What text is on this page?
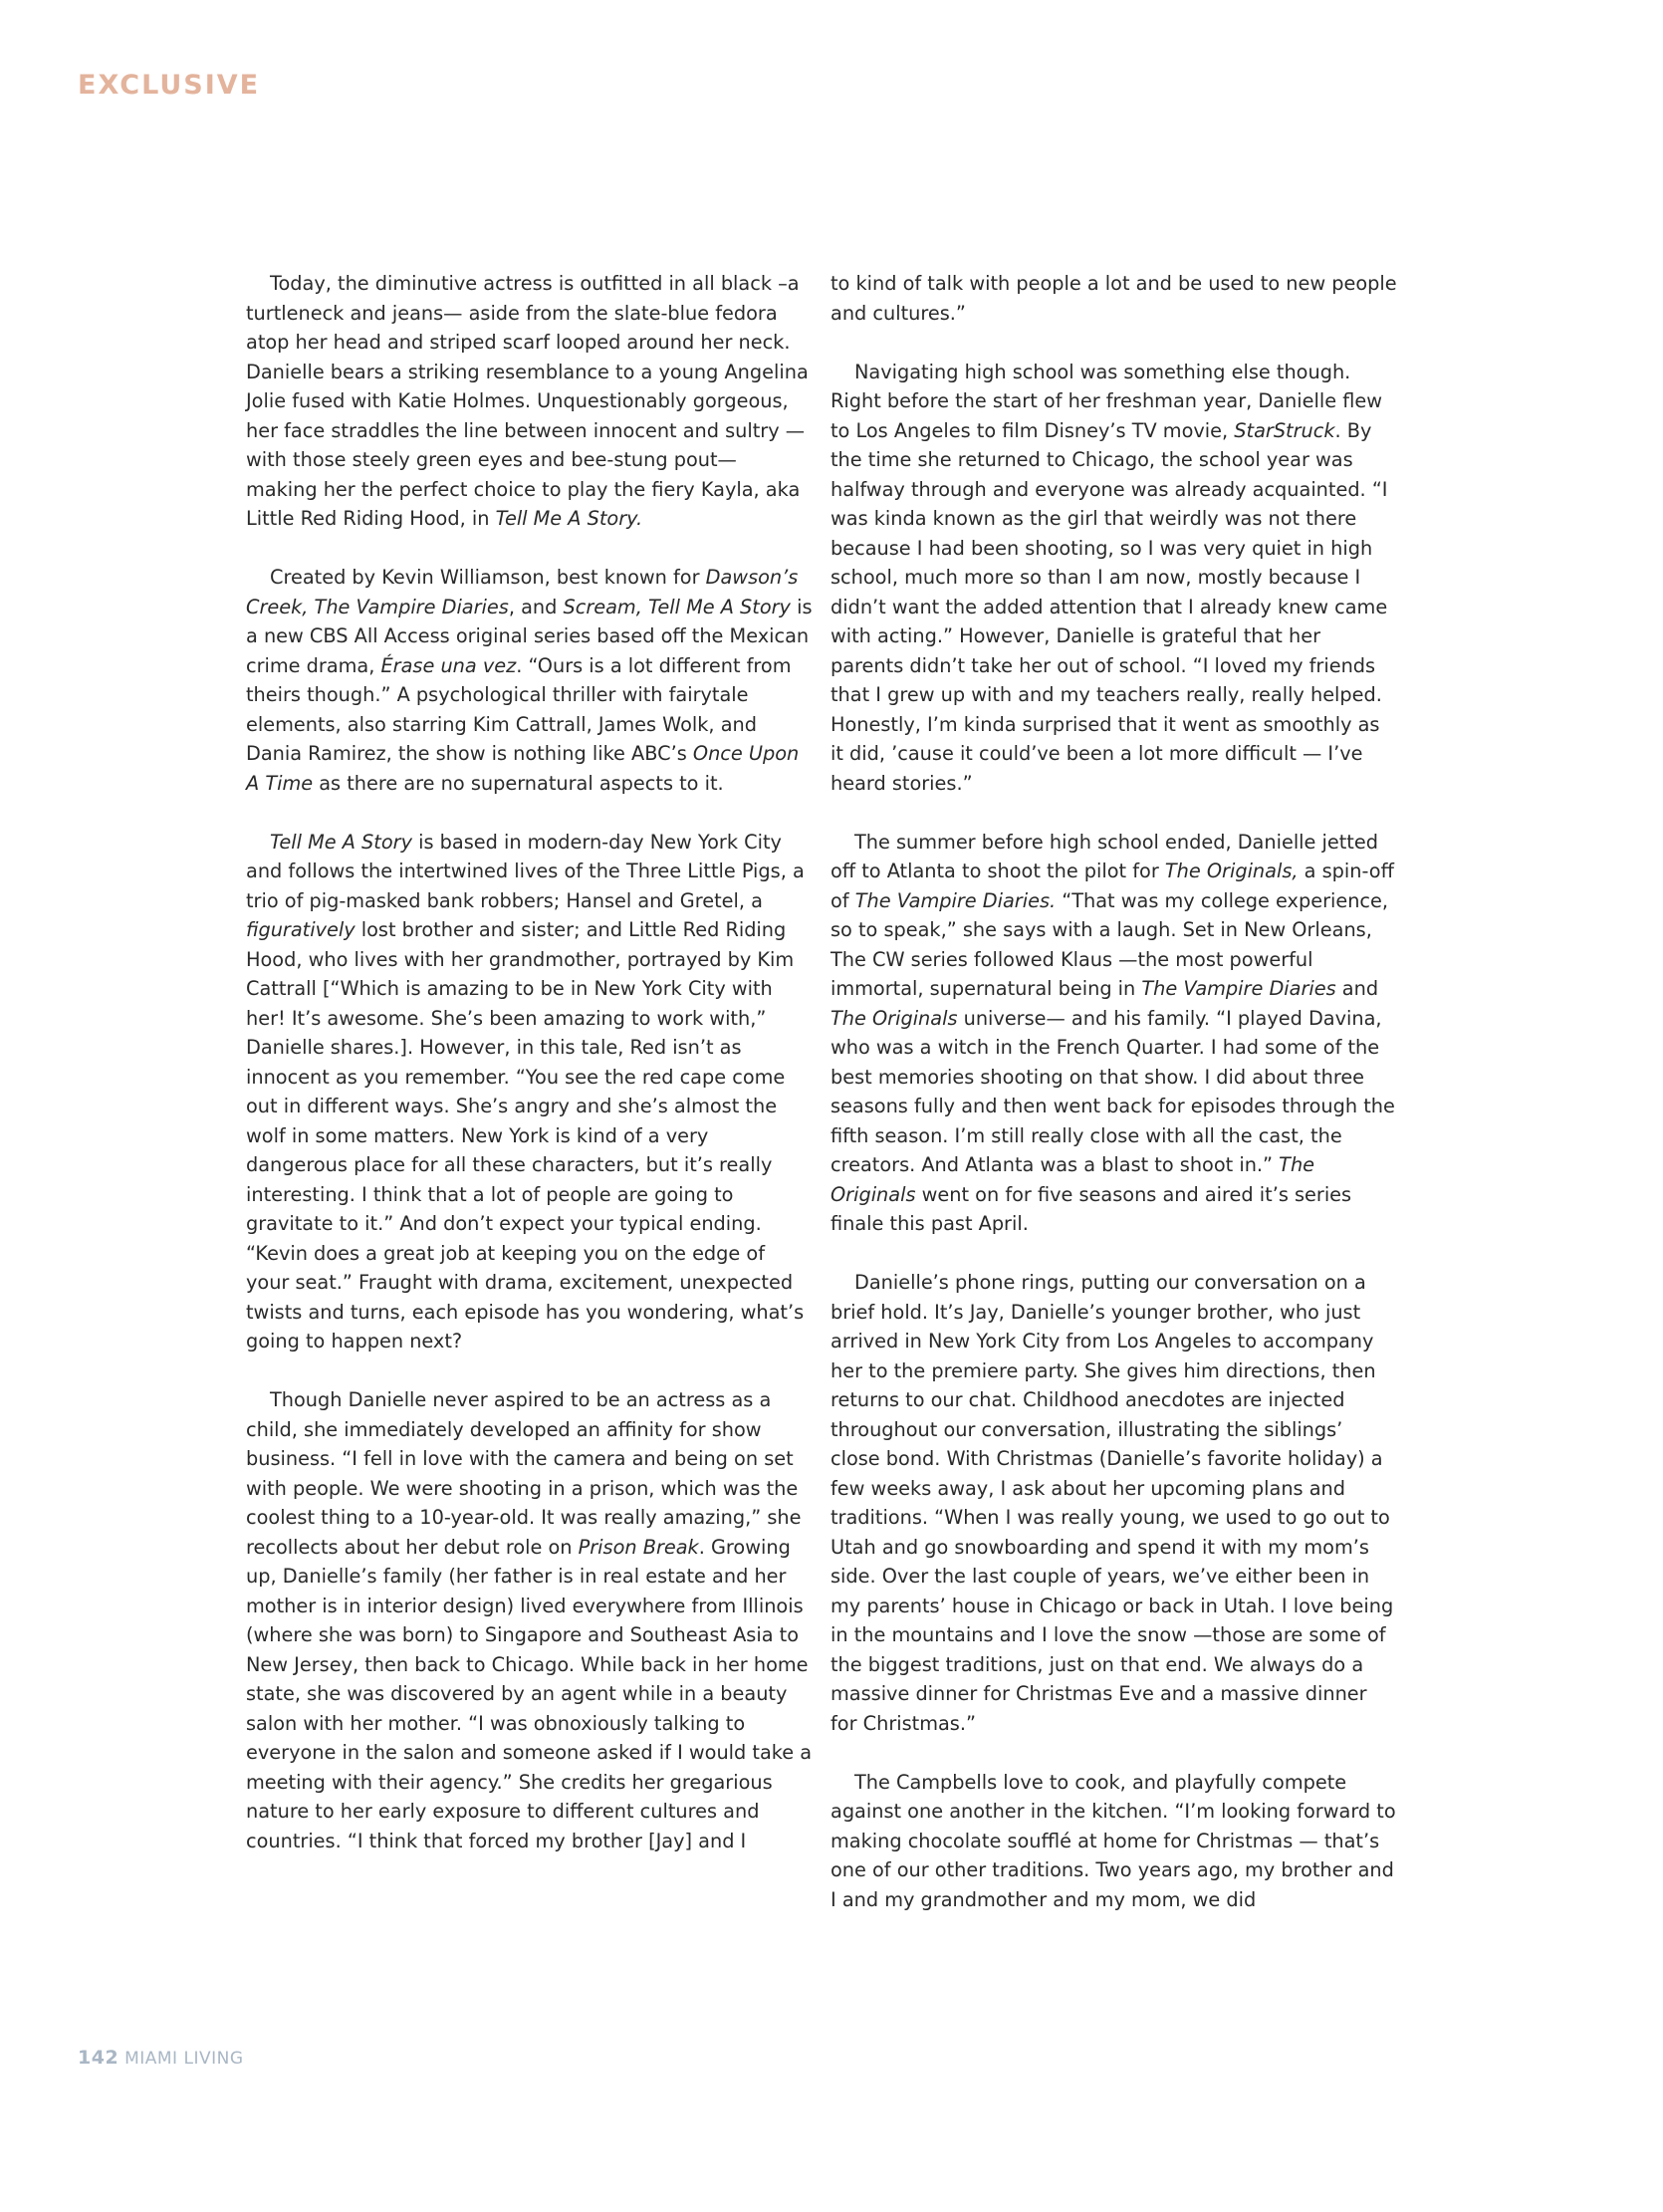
EXCLUSIVE

Today, the diminutive actress is outfitted in all black –a turtleneck and jeans— aside from the slate-blue fedora atop her head and striped scarf looped around her neck. Danielle bears a striking resemblance to a young Angelina Jolie fused with Katie Holmes. Unquestionably gorgeous, her face straddles the line between innocent and sultry —with those steely green eyes and bee-stung pout— making her the perfect choice to play the fiery Kayla, aka Little Red Riding Hood, in Tell Me A Story.

Created by Kevin Williamson, best known for Dawson’s Creek, The Vampire Diaries, and Scream, Tell Me A Story is a new CBS All Access original series based off the Mexican crime drama, Érase una vez. “Ours is a lot different from theirs though.” A psychological thriller with fairytale elements, also starring Kim Cattrall, James Wolk, and Dania Ramirez, the show is nothing like ABC’s Once Upon A Time as there are no supernatural aspects to it.

Tell Me A Story is based in modern-day New York City and follows the intertwined lives of the Three Little Pigs, a trio of pig-masked bank robbers; Hansel and Gretel, a figuratively lost brother and sister; and Little Red Riding Hood, who lives with her grandmother, portrayed by Kim Cattrall [“Which is amazing to be in New York City with her! It’s awesome. She’s been amazing to work with,” Danielle shares.]. However, in this tale, Red isn’t as innocent as you remember. “You see the red cape come out in different ways. She’s angry and she’s almost the wolf in some matters. New York is kind of a very dangerous place for all these characters, but it’s really interesting. I think that a lot of people are going to gravitate to it.” And don’t expect your typical ending. “Kevin does a great job at keeping you on the edge of your seat.” Fraught with drama, excitement, unexpected twists and turns, each episode has you wondering, what’s going to happen next?

Though Danielle never aspired to be an actress as a child, she immediately developed an affinity for show business. “I fell in love with the camera and being on set with people. We were shooting in a prison, which was the coolest thing to a 10-year-old. It was really amazing,” she recollects about her debut role on Prison Break. Growing up, Danielle’s family (her father is in real estate and her mother is in interior design) lived everywhere from Illinois (where she was born) to Singapore and Southeast Asia to New Jersey, then back to Chicago. While back in her home state, she was discovered by an agent while in a beauty salon with her mother. “I was obnoxiously talking to everyone in the salon and someone asked if I would take a meeting with their agency.” She credits her gregarious nature to her early exposure to different cultures and countries. “I think that forced my brother [Jay] and I

to kind of talk with people a lot and be used to new people and cultures.”

Navigating high school was something else though. Right before the start of her freshman year, Danielle flew to Los Angeles to film Disney’s TV movie, StarStruck. By the time she returned to Chicago, the school year was halfway through and everyone was already acquainted. “I was kinda known as the girl that weirdly was not there because I had been shooting, so I was very quiet in high school, much more so than I am now, mostly because I didn’t want the added attention that I already knew came with acting.” However, Danielle is grateful that her parents didn’t take her out of school. “I loved my friends that I grew up with and my teachers really, really helped. Honestly, I’m kinda surprised that it went as smoothly as it did, ’cause it could’ve been a lot more difficult — I’ve heard stories.”

The summer before high school ended, Danielle jetted off to Atlanta to shoot the pilot for The Originals, a spin-off of The Vampire Diaries. “That was my college experience, so to speak,” she says with a laugh. Set in New Orleans, The CW series followed Klaus —the most powerful immortal, supernatural being in The Vampire Diaries and The Originals universe— and his family. “I played Davina, who was a witch in the French Quarter. I had some of the best memories shooting on that show. I did about three seasons fully and then went back for episodes through the fifth season. I’m still really close with all the cast, the creators. And Atlanta was a blast to shoot in.” The Originals went on for five seasons and aired it’s series finale this past April.

Danielle’s phone rings, putting our conversation on a brief hold. It’s Jay, Danielle’s younger brother, who just arrived in New York City from Los Angeles to accompany her to the premiere party. She gives him directions, then returns to our chat. Childhood anecdotes are injected throughout our conversation, illustrating the siblings’ close bond. With Christmas (Danielle’s favorite holiday) a few weeks away, I ask about her upcoming plans and traditions. “When I was really young, we used to go out to Utah and go snowboarding and spend it with my mom’s side. Over the last couple of years, we’ve either been in my parents’ house in Chicago or back in Utah. I love being in the mountains and I love the snow —those are some of the biggest traditions, just on that end. We always do a massive dinner for Christmas Eve and a massive dinner for Christmas.”

The Campbells love to cook, and playfully compete against one another in the kitchen. “I’m looking forward to making chocolate soufflé at home for Christmas — that’s one of our other traditions. Two years ago, my brother and I and my grandmother and my mom, we did

142 MIAMI LIVING
